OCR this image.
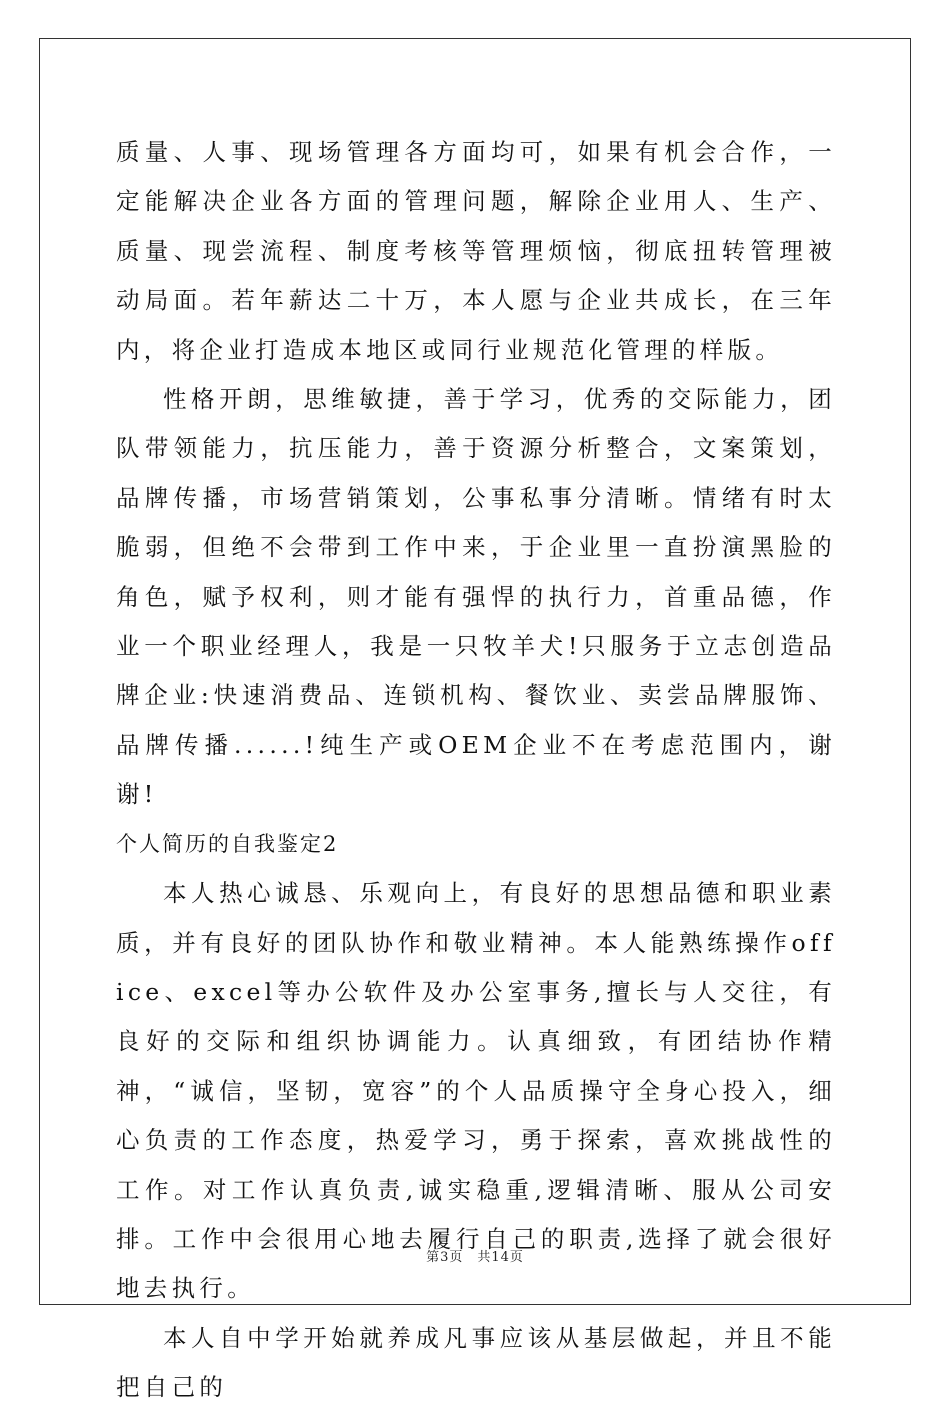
质量、人事、现场管理各方面均可，如果有机会合作，一定能解决企业各方面的管理问题，解除企业用人、生产、质量、现尝流程、制度考核等管理烦恼，彻底扭转管理被动局面。若年薪达二十万，本人愿与企业共成长，在三年内，将企业打造成本地区或同行业规范化管理的样版。

性格开朗，思维敏捷，善于学习，优秀的交际能力，团队带领能力，抗压能力，善于资源分析整合，文案策划，品牌传播，市场营销策划，公事私事分清晰。情绪有时太脆弱，但绝不会带到工作中来，于企业里一直扮演黑脸的角色，赋予权利，则才能有强悍的执行力，首重品德，作业一个职业经理人，我是一只牧羊犬!只服务于立志创造品牌企业:快速消费品、连锁机构、餐饮业、卖尝品牌服饰、品牌传播......!纯生产或OEM企业不在考虑范围内，谢谢!

个人简历的自我鉴定2

本人热心诚恳、乐观向上，有良好的思想品德和职业素质，并有良好的团队协作和敬业精神。本人能熟练操作office、excel等办公软件及办公室事务,擅长与人交往，有良好的交际和组织协调能力。认真细致，有团结协作精神，“诚信，坚韧，宽容”的个人品质操守全身心投入，细心负责的工作态度，热爱学习，勇于探索，喜欢挑战性的工作。对工作认真负责,诚实稳重,逻辑清晰、服从公司安排。工作中会很用心地去履行自己的职责,选择了就会很好地去执行。

本人自中学开始就养成凡事应该从基层做起，并且不能把自己的

第3页 共14页
